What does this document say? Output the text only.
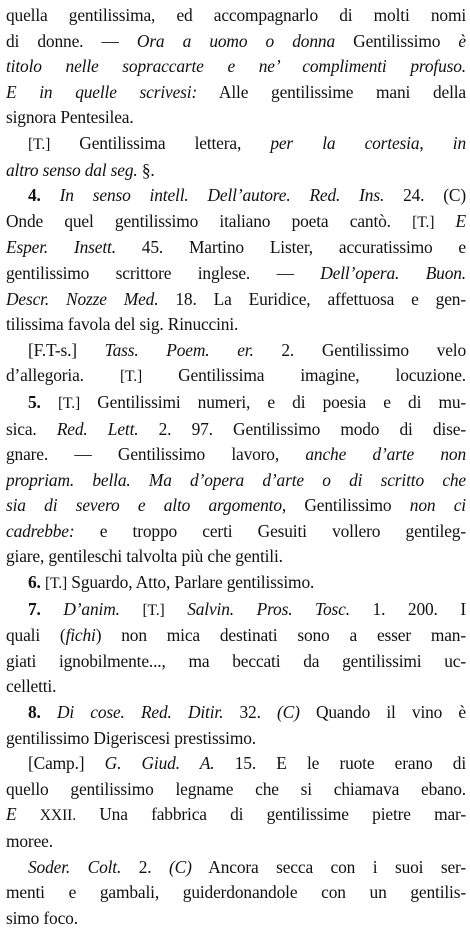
quella gentilissima, ed accompagnarlo di molti nomi
di donne. — Ora a uomo o donna Gentilissimo è
titolo nelle sopraccarte e ne’ complimenti profuso.
E in quelle scrivesi: Alle gentilissime mani della
signora Pentesilea.
[T.] Gentilissima lettera, per la cortesia, in
altro senso dal seg. §.
4. In senso intell. Dell’autore. Red. Ins. 24. (C)
Onde quel gentilissimo italiano poeta cantò. [T.] E
Esper. Insett. 45. Martino Lister, accuratissimo e
gentilissimo scrittore inglese. — Dell’opera. Buon.
Descr. Nozze Med. 18. La Euridice, affettuosa e gen-
tilissima favola del sig. Rinuccini.
[F.T-s.] Tass. Poem. er. 2. Gentilissimo velo
d’allegoria. [T.] Gentilissima imagine, locuzione.
5. [T.] Gentilissimi numeri, e di poesia e di mu-
sica. Red. Lett. 2. 97. Gentilissimo modo di dise-
gnare. — Gentilissimo lavoro, anche d’arte non
propriam. bella. Ma d’opera d’arte o di scritto che
sia di severo e alto argomento, Gentilissimo non ci
cadrebbe: e troppo certi Gesuiti vollero gentileg-
giare, gentileschi talvolta più che gentili.
6. [T.] Sguardo, Atto, Parlare gentilissimo.
7. D’anim. [T.] Salvin. Pros. Tosc. 1. 200. I
quali (fichi) non mica destinati sono a esser man-
giati ignobilmente..., ma beccati da gentilissimi uc-
celletti.
8. Di cose. Red. Ditir. 32. (C) Quando il vino è
gentilissimo Digeriscesi prestissimo.
[Camp.] G. Giud. A. 15. E le ruote erano di
quello gentilissimo legname che si chiamava ebano.
E XXII. Una fabbrica di gentilissime pietre mar-
moree.
Soder. Colt. 2. (C) Ancora secca con i suoi ser-
menti e gambali, guiderdonandole con un gentilis-
simo foco.
